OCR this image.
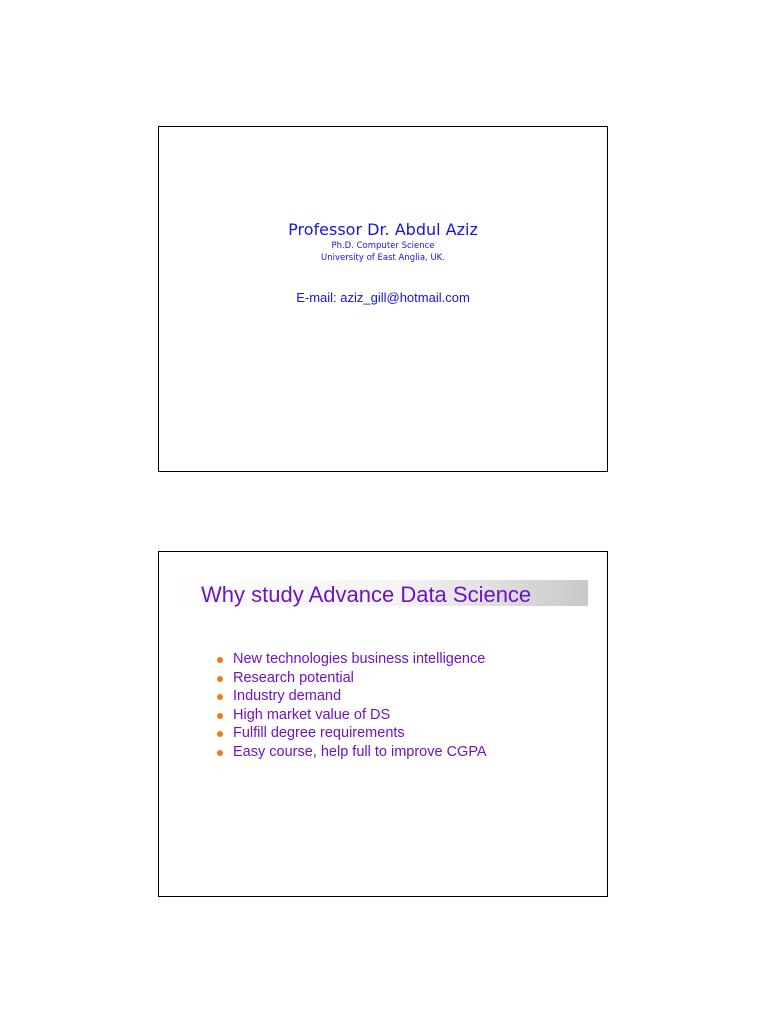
Professor Dr. Abdul Aziz
Ph.D. Computer Science
University of East Anglia, UK.
E-mail: aziz_gill@hotmail.com
Why study Advance Data Science
New technologies business intelligence
Research potential
Industry demand
High market value of DS
Fulfill degree requirements
Easy course, help full to improve CGPA
